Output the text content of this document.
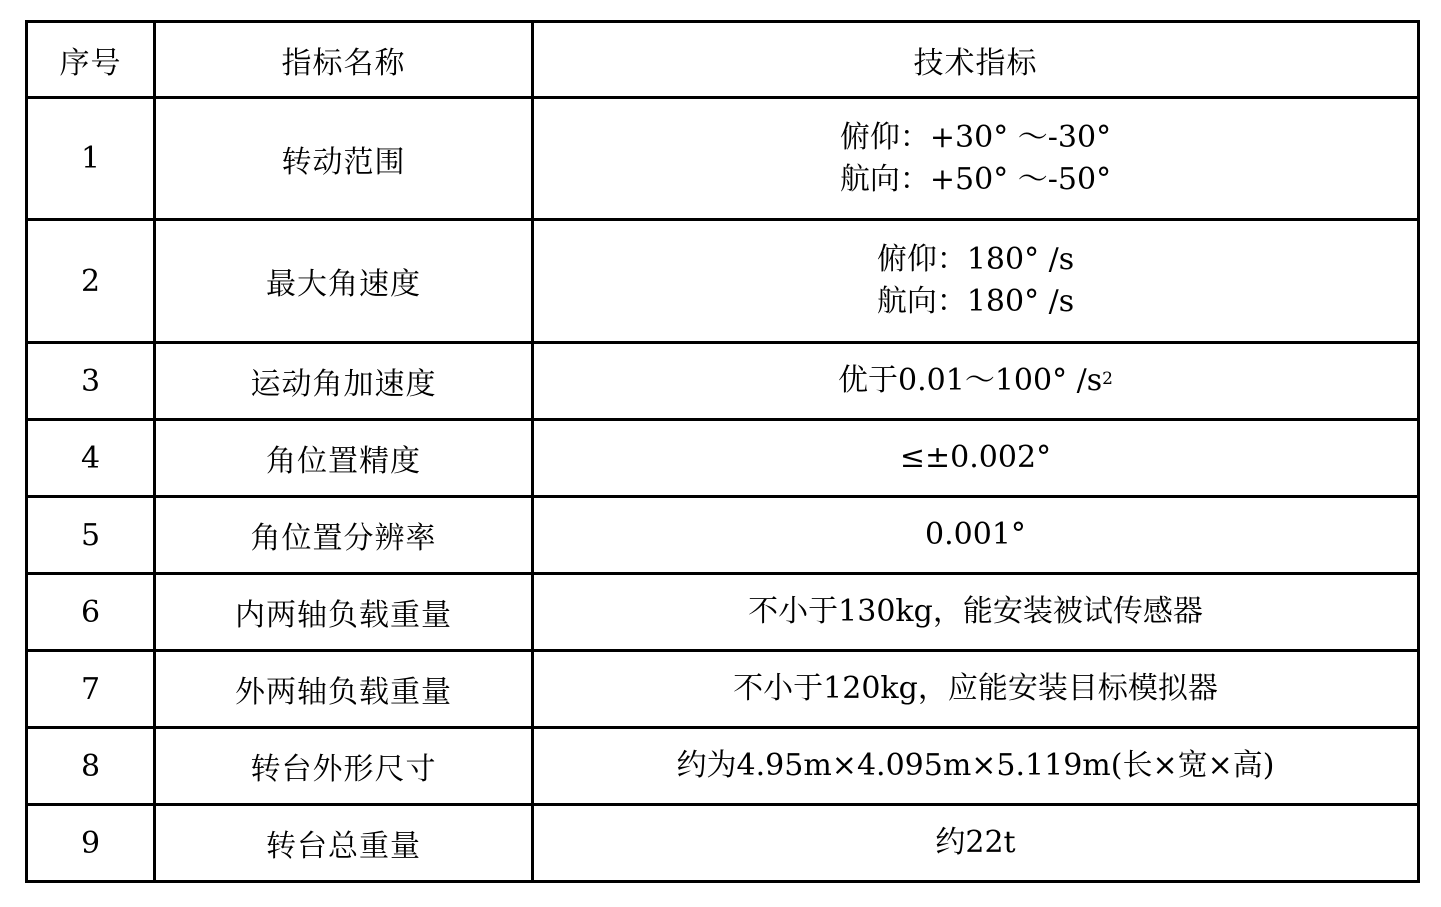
序号	指标名称	技术指标
1	转动范围	俯仰：+30° ～-30°
航向：+50° ～-50°

2	最大角速度	俯仰：180° /s
航向：180° /s

3	运动角加速度	优于0.01～100° $/s^2$
4	角位置精度	≤±0.002°

5	角位置分辨率	0.001°

6	内两轴负载重量	不小于130kg，能安装被试传感器

7	外两轴负载重量	不小于120kg，应能安装目标模拟器

8	转台外形尺寸	约为4.95m×4.095m×5.119m(长×宽×高)

9	转台总重量	约22t
